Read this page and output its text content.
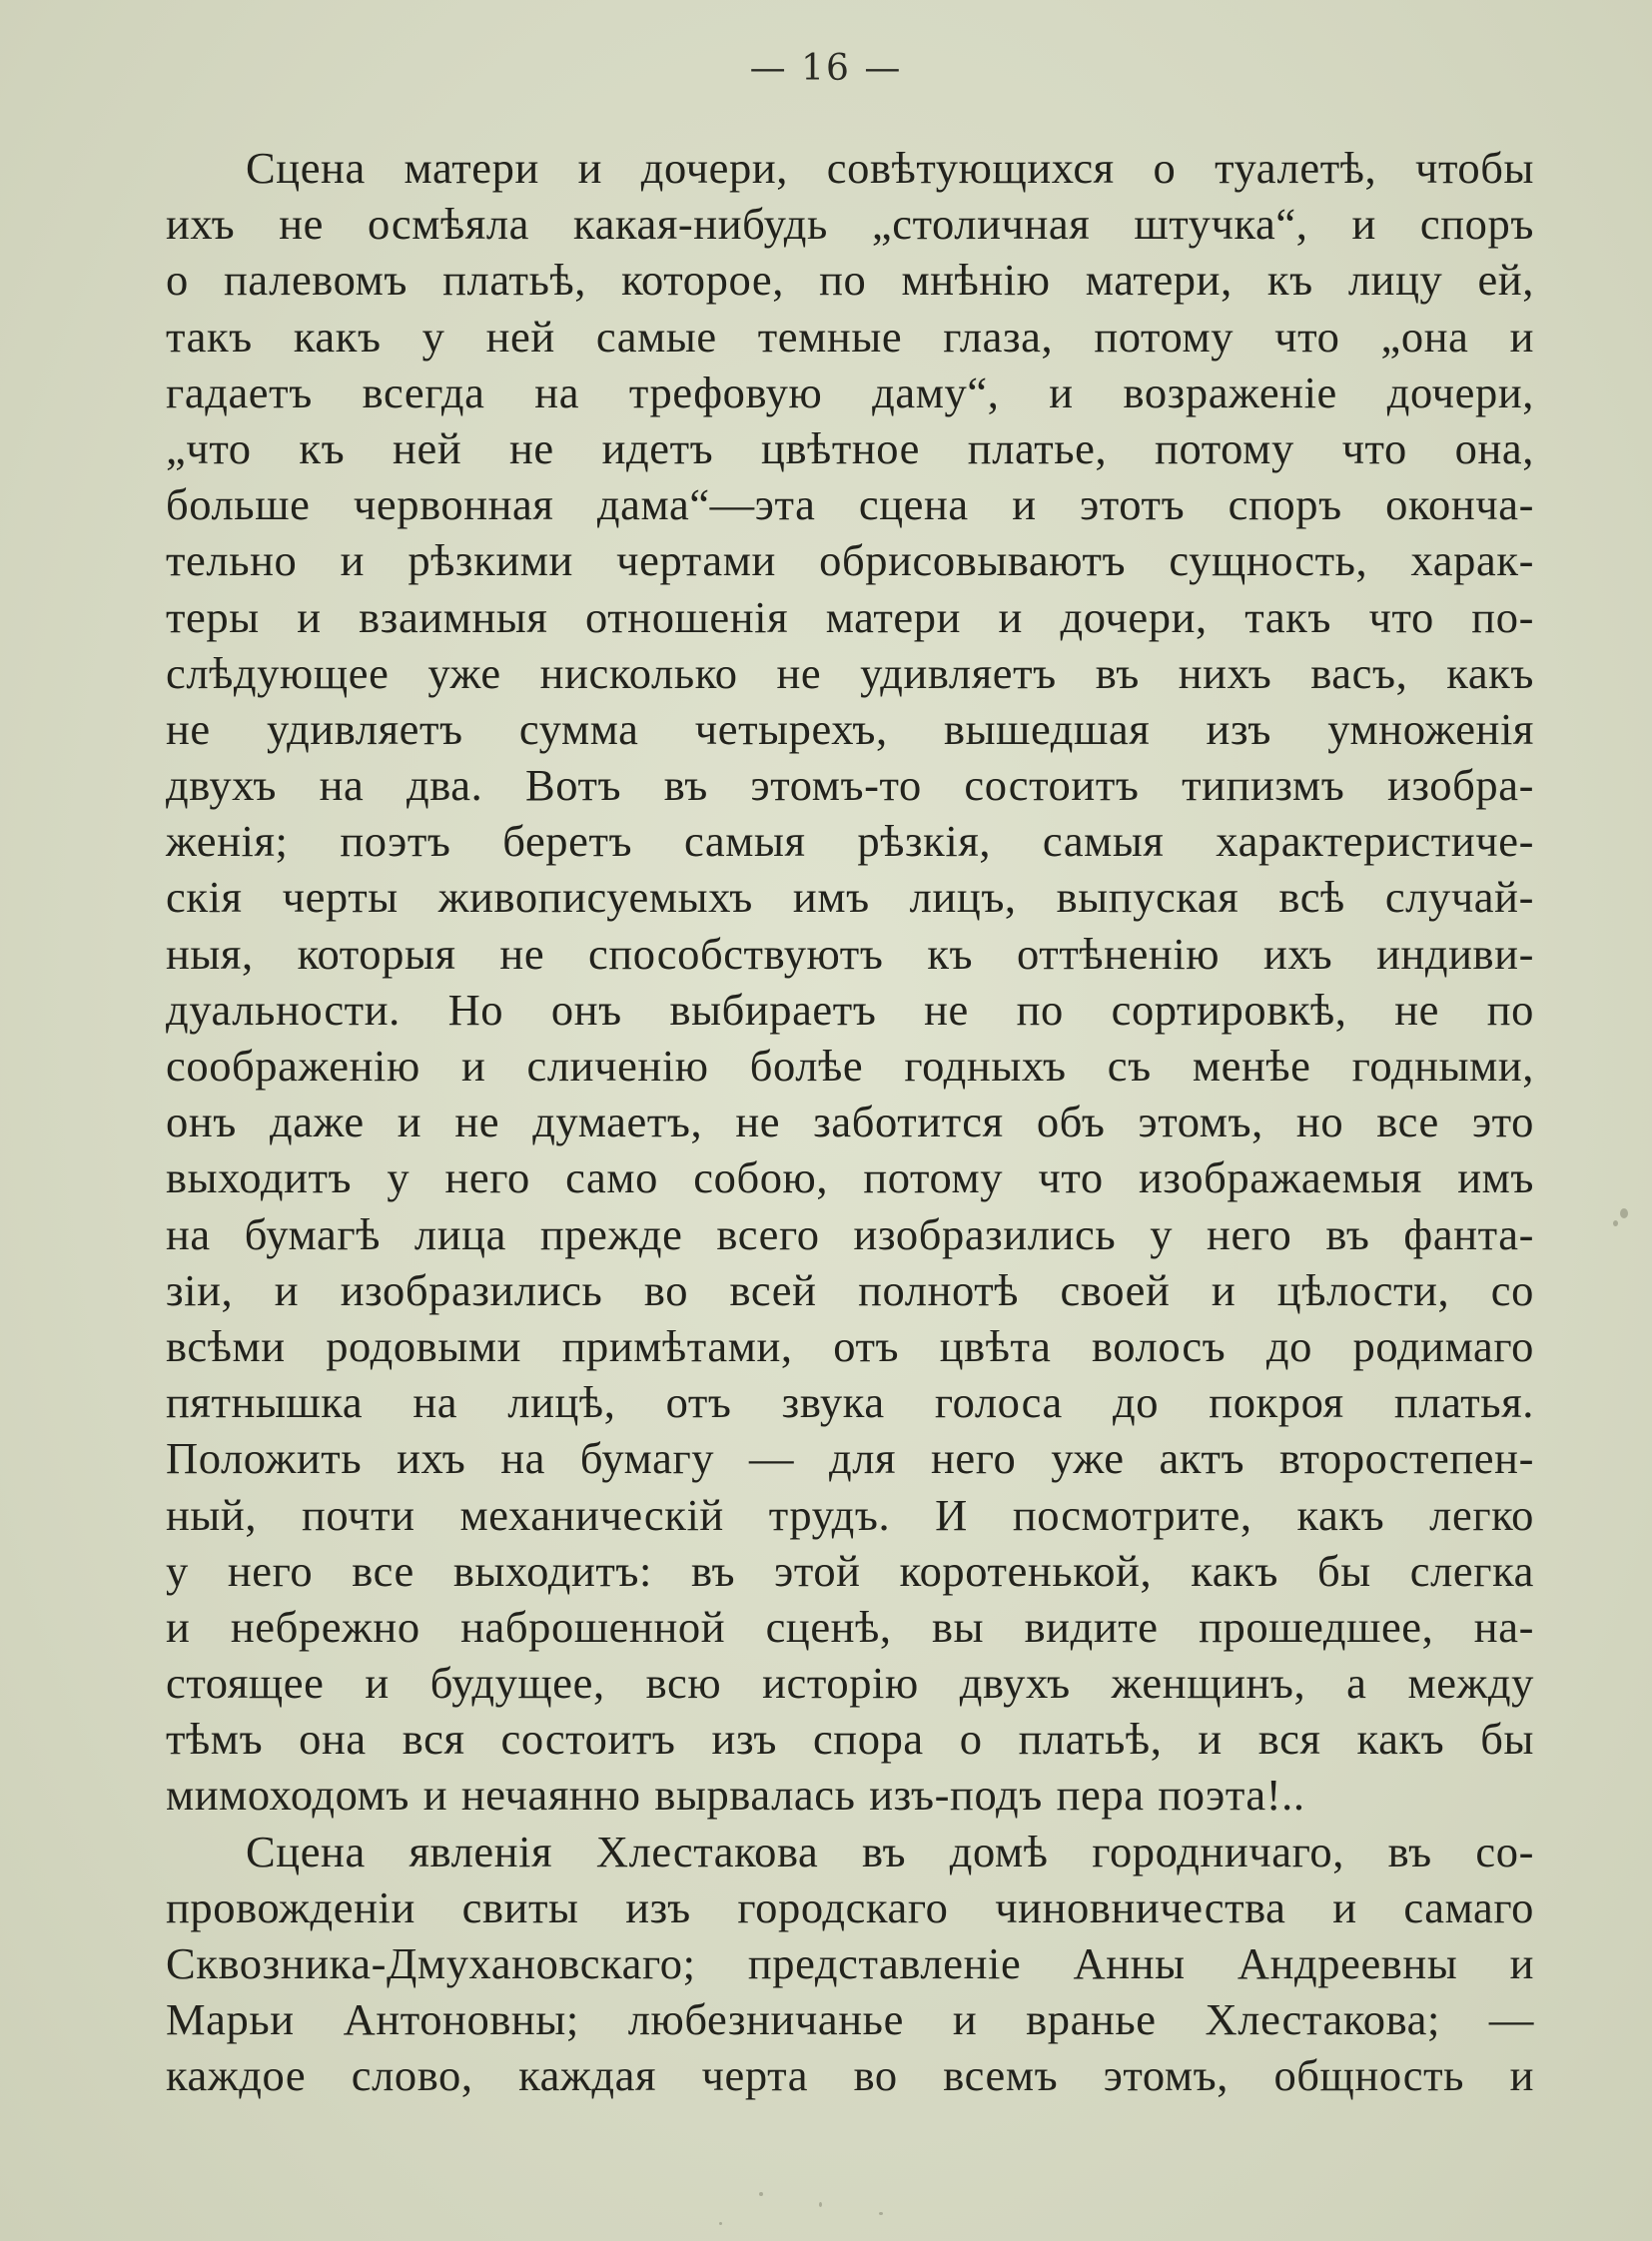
— 16 —
Сцена матери и дочери, совѣтующихся о туалетѣ, чтобы
ихъ не осмѣяла какая-нибудь „столичная штучка“, и споръ
о палевомъ платьѣ, которое, по мнѣнію матери, къ лицу ей,
такъ какъ у ней самые темные глаза, потому что „она и
гадаетъ всегда на трефовую даму“, и возраженіе дочери,
„что къ ней не идетъ цвѣтное платье, потому что она,
больше червонная дама“—эта сцена и этотъ споръ оконча-
тельно и рѣзкими чертами обрисовываютъ сущность, харак-
теры и взаимныя отношенія матери и дочери, такъ что по-
слѣдующее уже нисколько не удивляетъ въ нихъ васъ, какъ
не удивляетъ сумма четырехъ, вышедшая изъ умноженія
двухъ на два. Вотъ въ этомъ-то состоитъ типизмъ изобра-
женія; поэтъ беретъ самыя рѣзкія, самыя характеристиче-
скія черты живописуемыхъ имъ лицъ, выпуская всѣ случай-
ныя, которыя не способствуютъ къ оттѣненію ихъ индиви-
дуальности. Но онъ выбираетъ не по сортировкѣ, не по
соображенію и сличенію болѣе годныхъ съ менѣе годными,
онъ даже и не думаетъ, не заботится объ этомъ, но все это
выходитъ у него само собою, потому что изображаемыя имъ
на бумагѣ лица прежде всего изобразились у него въ фанта-
зіи, и изобразились во всей полнотѣ своей и цѣлости, со
всѣми родовыми примѣтами, отъ цвѣта волосъ до родимаго
пятнышка на лицѣ, отъ звука голоса до покроя платья.
Положить ихъ на бумагу — для него уже актъ второстепен-
ный, почти механическій трудъ. И посмотрите, какъ легко
у него все выходитъ: въ этой коротенькой, какъ бы слегка
и небрежно наброшенной сценѣ, вы видите прошедшее, на-
стоящее и будущее, всю исторію двухъ женщинъ, а между
тѣмъ она вся состоитъ изъ спора о платьѣ, и вся какъ бы
мимоходомъ и нечаянно вырвалась изъ-подъ пера поэта!..
Сцена явленія Хлестакова въ домѣ городничаго, въ со-
провожденіи свиты изъ городскаго чиновничества и самаго
Сквозника-Дмухановскаго; представленіе Анны Андреевны и
Марьи Антоновны; любезничанье и вранье Хлестакова; —
каждое слово, каждая черта во всемъ этомъ, общность и
